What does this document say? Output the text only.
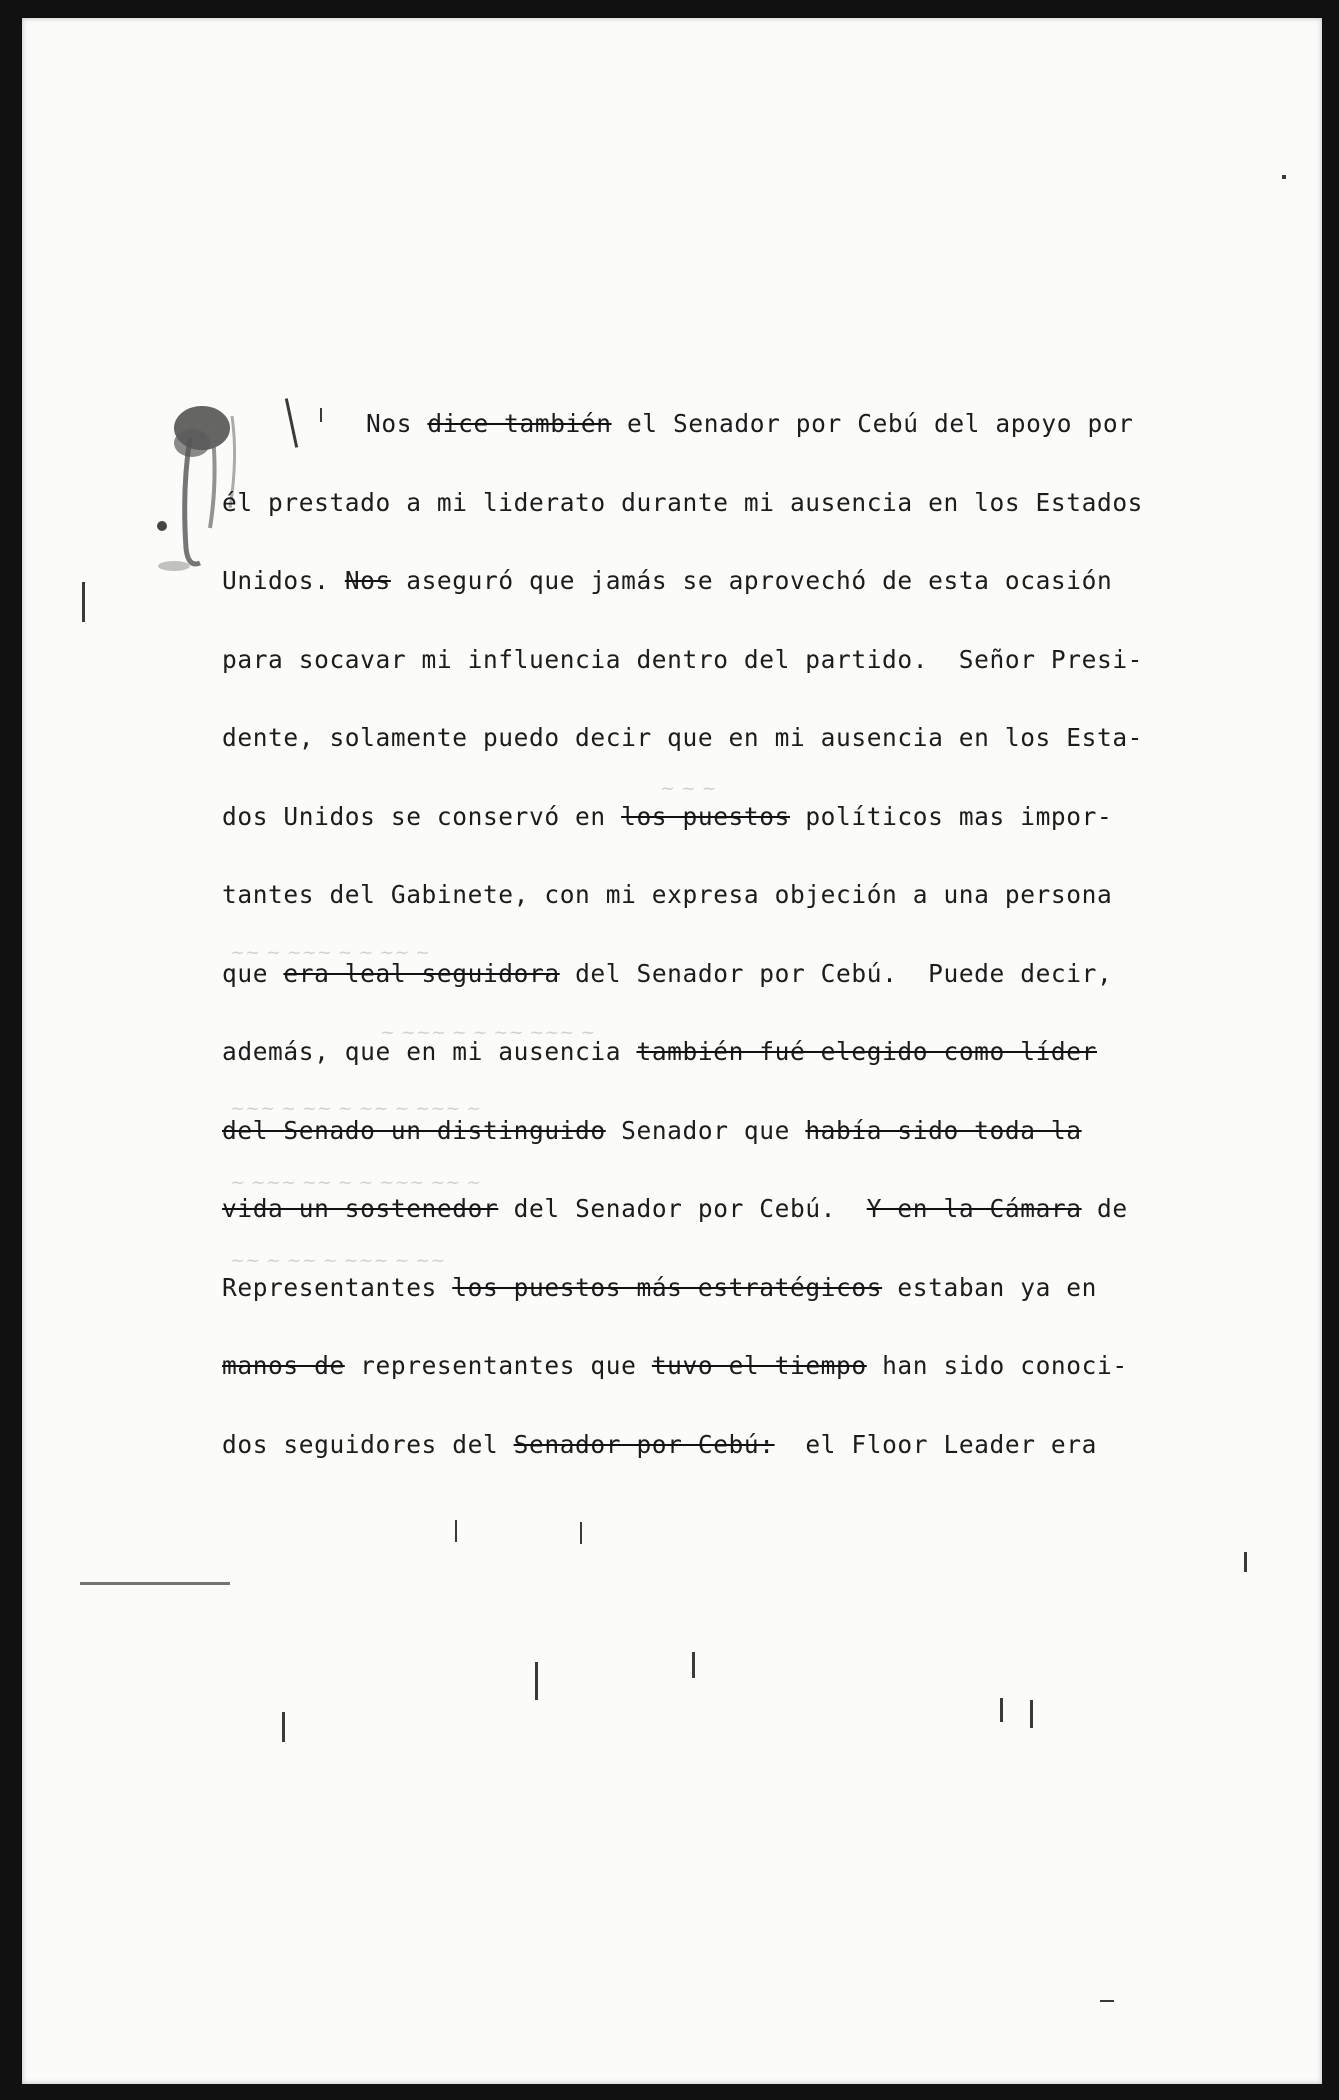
~ ~ ~
~~ ~ ~~~ ~ ~ ~~ ~
~ ~~~ ~ ~ ~~ ~~~ ~
~~~ ~ ~~ ~ ~~ ~ ~~~ ~
~ ~~~ ~~ ~ ~ ~~~ ~~ ~
~~ ~ ~~ ~ ~~~ ~ ~~
Nos dice también el Senador por Cebú del apoyo por
él prestado a mi liderato durante mi ausencia en los Estados
Unidos. Nos aseguró que jamás se aprovechó de esta ocasión
para socavar mi influencia dentro del partido.  Señor Presi-
dente, solamente puedo decir que en mi ausencia en los Esta-
dos Unidos se conservó en los puestos políticos mas impor-
tantes del Gabinete, con mi expresa objeción a una persona
que era leal seguidora del Senador por Cebú.  Puede decir,
además, que en mi ausencia también fué elegido como líder
del Senado un distinguido Senador que había sido toda la
vida un sostenedor del Senador por Cebú.  Y en la Cámara de
Representantes los puestos más estratégicos estaban ya en
manos de representantes que tuvo el tiempo han sido conoci-
dos seguidores del Senador por Cebú:  el Floor Leader era
